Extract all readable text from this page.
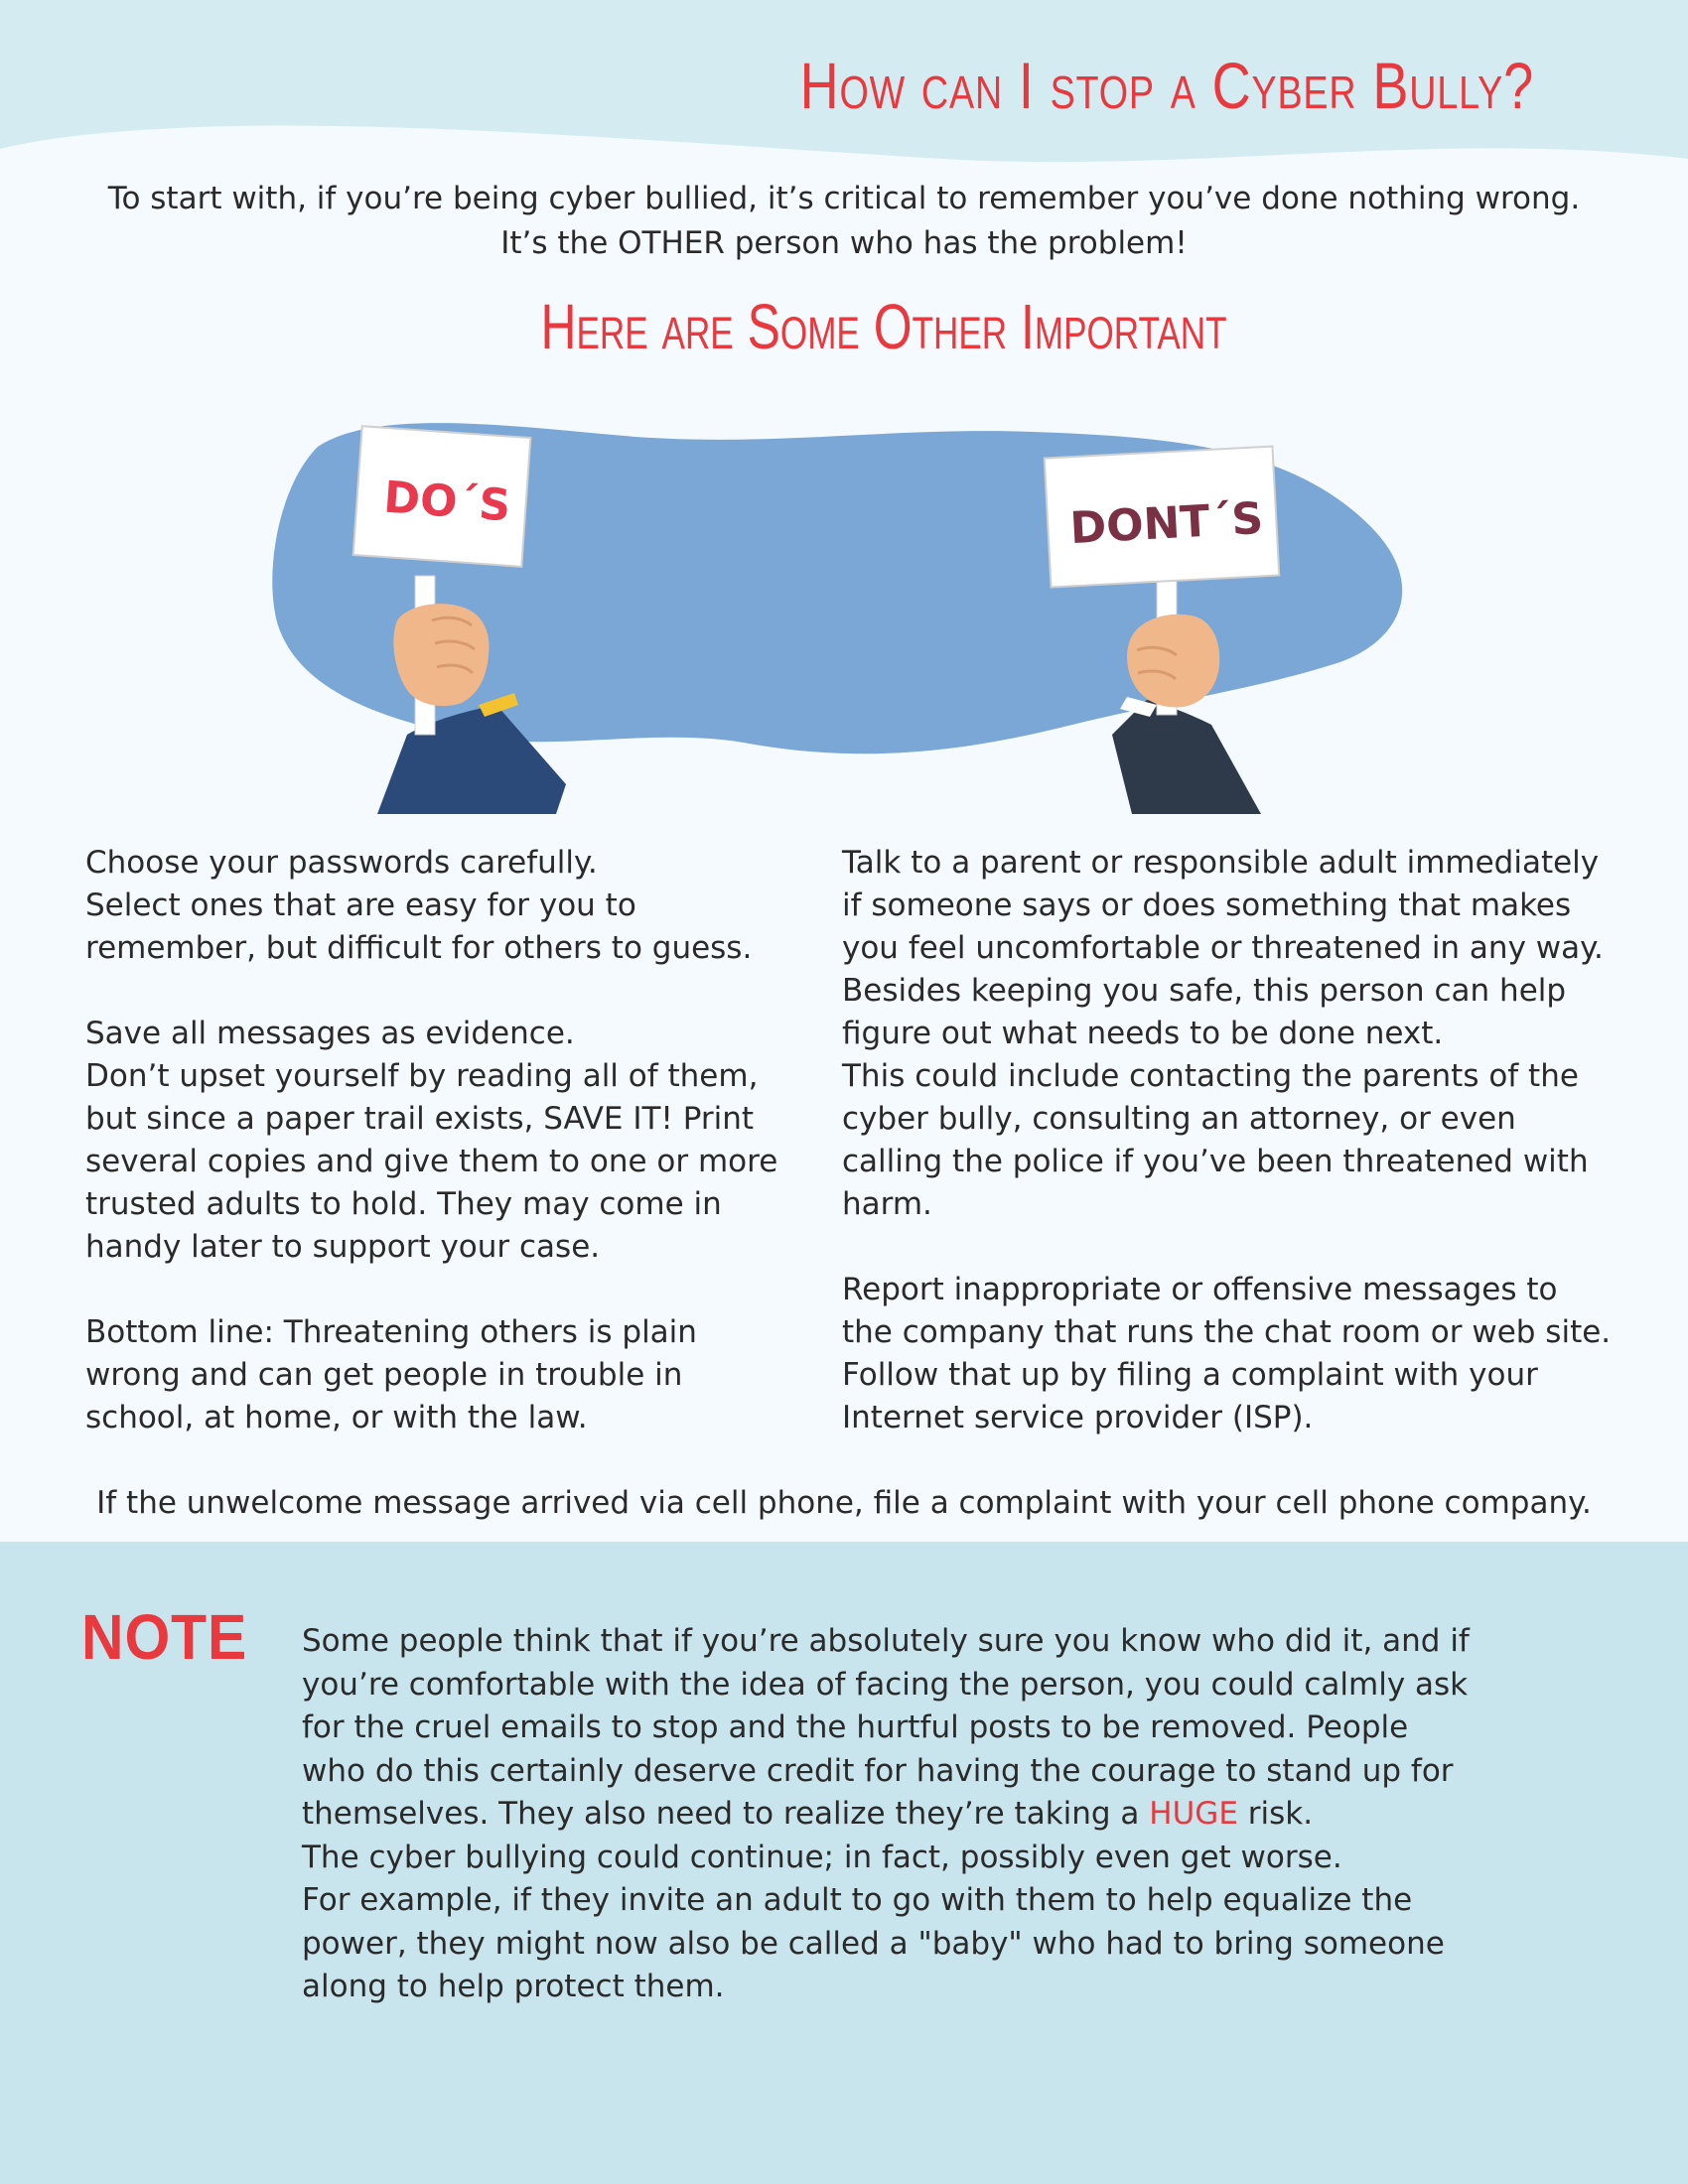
How can I stop a Cyber Bully?

To start with, if you’re being cyber bullied, it’s critical to remember you’ve done nothing wrong.

It’s the OTHER person who has the problem!

Here are Some Other Important
DO´S	DONT´S

Choose your passwords carefully.
Select ones that are easy for you to remember, but difficult for others to guess.

Save all messages as evidence.
Don’t upset yourself by reading all of them, but since a paper trail exists, SAVE IT! Print several copies and give them to one or more trusted adults to hold. They may come in handy later to support your case.

Bottom line: Threatening others is plain wrong and can get people in trouble in school, at home, or with the law.

Talk to a parent or responsible adult immediately if someone says or does something that makes you feel uncomfortable or threatened in any way.
Besides keeping you safe, this person can help figure out what needs to be done next.
This could include contacting the parents of the cyber bully, consulting an attorney, or even calling the police if you’ve been threatened with harm.

Report inappropriate or offensive messages to the company that runs the chat room or web site.
Follow that up by filing a complaint with your Internet service provider (ISP).

If the unwelcome message arrived via cell phone, file a complaint with your cell phone company.
NOTE Some people think that if you’re absolutely sure you know who did it, and if
you’re comfortable with the idea of facing the person, you could calmly ask
for the cruel emails to stop and the hurtful posts to be removed. People
who do this certainly deserve credit for having the courage to stand up for
themselves. They also need to realize they’re taking a HUGE risk.
The cyber bullying could continue; in fact, possibly even get worse.
For example, if they invite an adult to go with them to help equalize the
power, they might now also be called a "baby" who had to bring someone
along to help protect them.
